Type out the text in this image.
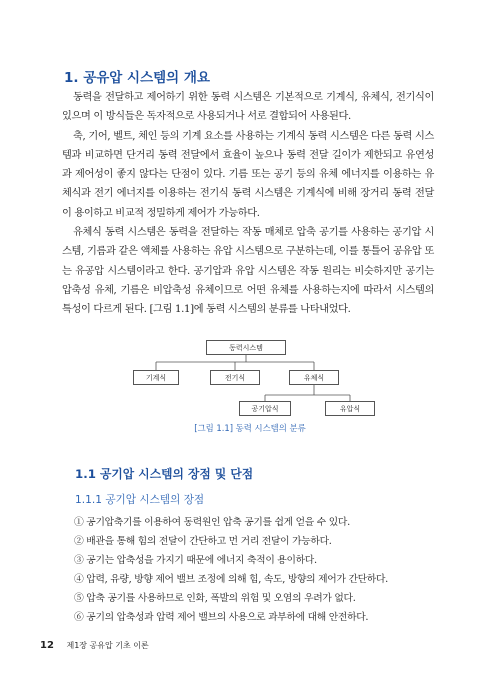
1. 공유압 시스템의 개요

동력을 전달하고 제어하기 위한 동력 시스템은 기본적으로 기계식, 유체식, 전기식이 있으며 이 방식들은 독자적으로 사용되거나 서로 결합되어 사용된다.

축, 기어, 벨트, 체인 등의 기계 요소를 사용하는 기계식 동력 시스템은 다른 동력 시스템과 비교하면 단거리 동력 전달에서 효율이 높으나 동력 전달 길이가 제한되고 유연성과 제어성이 좋지 않다는 단점이 있다. 기름 또는 공기 등의 유체 에너지를 이용하는 유체식과 전기 에너지를 이용하는 전기식 동력 시스템은 기계식에 비해 장거리 동력 전달이 용이하고 비교적 정밀하게 제어가 가능하다.

유체식 동력 시스템은 동력을 전달하는 작동 매체로 압축 공기를 사용하는 공기압 시스템, 기름과 같은 액체를 사용하는 유압 시스템으로 구분하는데, 이를 통틀어 공유압 또는 유공압 시스템이라고 한다. 공기압과 유압 시스템은 작동 원리는 비슷하지만 공기는 압축성 유체, 기름은 비압축성 유체이므로 어떤 유체를 사용하는지에 따라서 시스템의 특성이 다르게 된다. [그림 1.1]에 동력 시스템의 분류를 나타내었다.

동력시스템
기계식	전기식	유체식
공기압식	유압식
[그림 1.1] 동력 시스템의 분류
1.1 공기압 시스템의 장점 및 단점
1.1.1 공기압 시스템의 장점
① 공기압축기를 이용하여 동력원인 압축 공기를 쉽게 얻을 수 있다.
② 배관을 통해 힘의 전달이 간단하고 먼 거리 전달이 가능하다.
③ 공기는 압축성을 가지기 때문에 에너지 축적이 용이하다.
④ 압력, 유량, 방향 제어 밸브 조정에 의해 힘, 속도, 방향의 제어가 간단하다.
⑤ 압축 공기를 사용하므로 인화, 폭발의 위험 및 오염의 우려가 없다.
⑥ 공기의 압축성과 압력 제어 밸브의 사용으로 과부하에 대해 안전하다.
12 제1장 공유압 기초 이론
